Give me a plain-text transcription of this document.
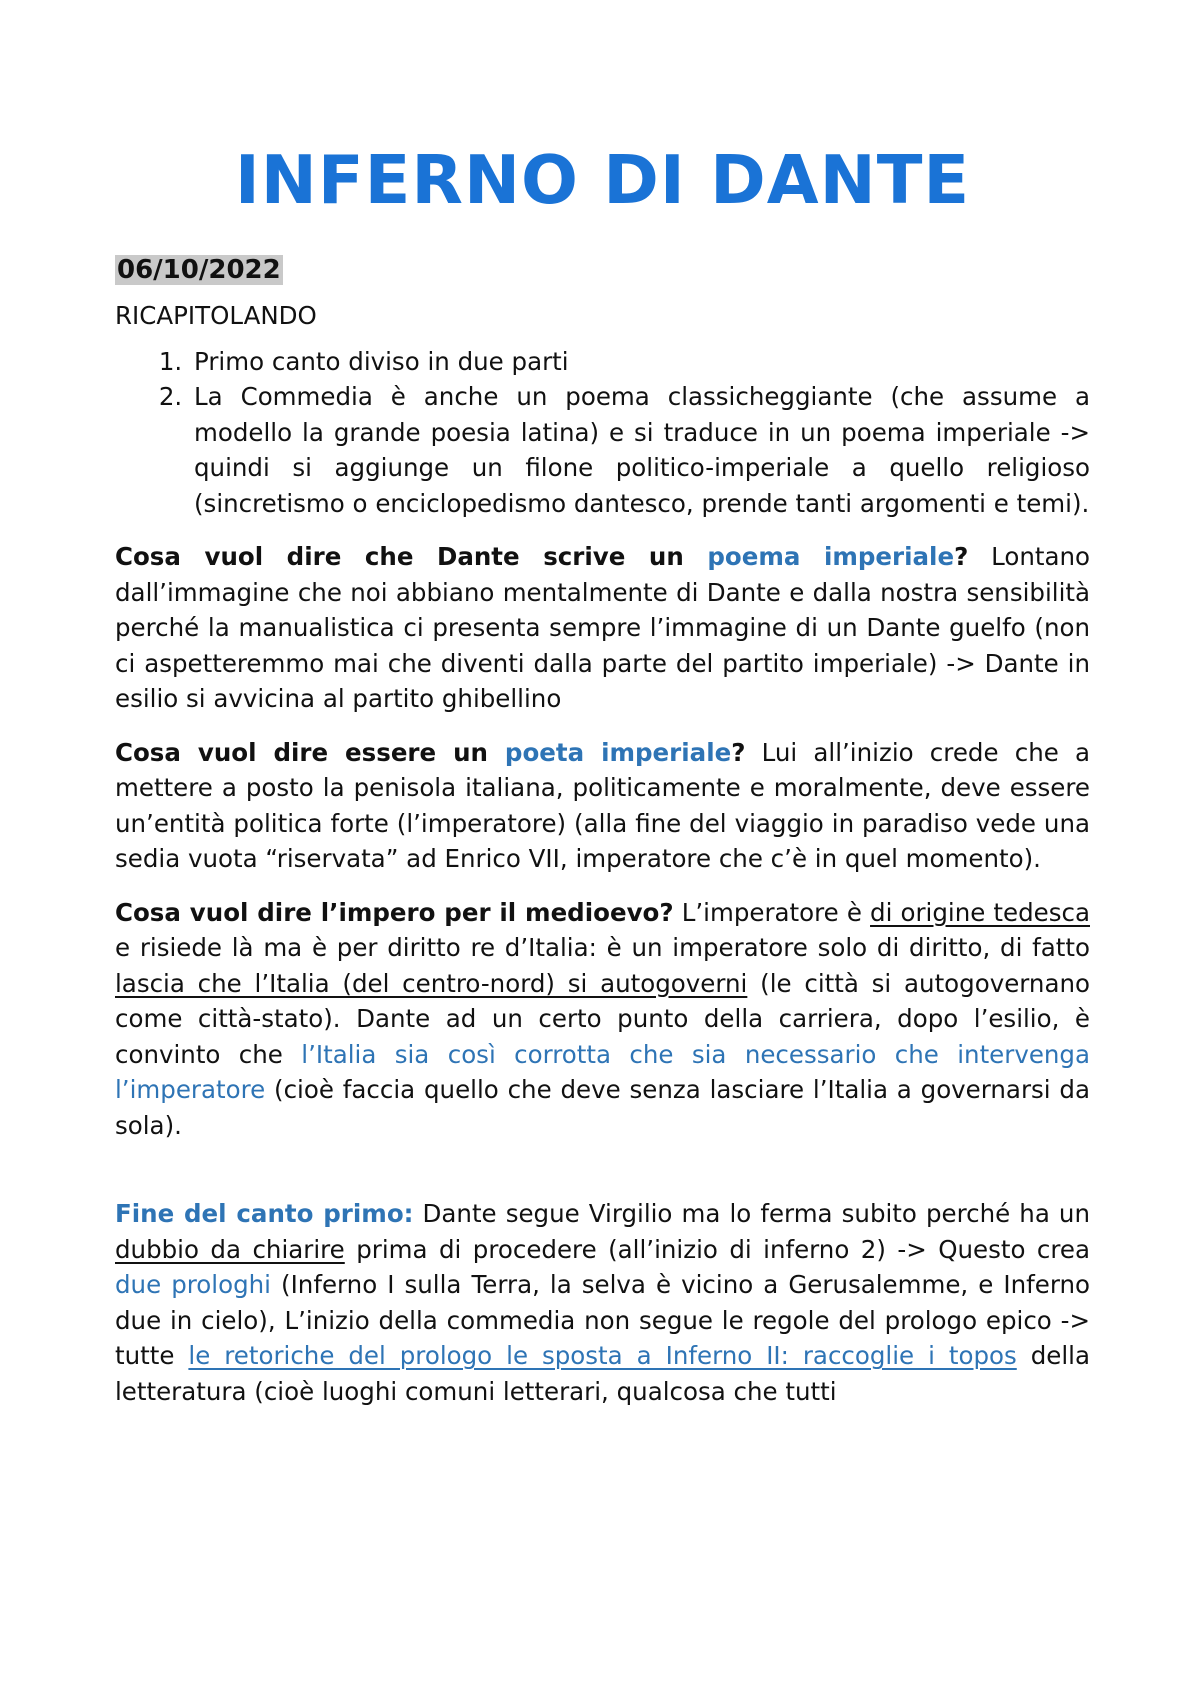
INFERNO DI DANTE
06/10/2022

RICAPITOLANDO

1. Primo canto diviso in due parti
2. La Commedia è anche un poema classicheggiante (che assume a modello la grande poesia latina) e si traduce in un poema imperiale -> quindi si aggiunge un filone politico-imperiale a quello religioso (sincretismo o enciclopedismo dantesco, prende tanti argomenti e temi).

Cosa vuol dire che Dante scrive un poema imperiale? Lontano dall’immagine che noi abbiano mentalmente di Dante e dalla nostra sensibilità perché la manualistica ci presenta sempre l’immagine di un Dante guelfo (non ci aspetteremmo mai che diventi dalla parte del partito imperiale) -> Dante in esilio si avvicina al partito ghibellino

Cosa vuol dire essere un poeta imperiale? Lui all’inizio crede che a mettere a posto la penisola italiana, politicamente e moralmente, deve essere un’entità politica forte (l’imperatore) (alla fine del viaggio in paradiso vede una sedia vuota “riservata” ad Enrico VII, imperatore che c’è in quel momento).

Cosa vuol dire l’impero per il medioevo? L’imperatore è di origine tedesca e risiede là ma è per diritto re d’Italia: è un imperatore solo di diritto, di fatto lascia che l’Italia (del centro-nord) si autogoverni (le città si autogovernano come città-stato). Dante ad un certo punto della carriera, dopo l’esilio, è convinto che l’Italia sia così corrotta che sia necessario che intervenga l’imperatore (cioè faccia quello che deve senza lasciare l’Italia a governarsi da sola).

Fine del canto primo: Dante segue Virgilio ma lo ferma subito perché ha un dubbio da chiarire prima di procedere (all’inizio di inferno 2) -> Questo crea due prologhi (Inferno I sulla Terra, la selva è vicino a Gerusalemme, e Inferno due in cielo), L’inizio della commedia non segue le regole del prologo epico -> tutte le retoriche del prologo le sposta a Inferno II: raccoglie i topos della letteratura (cioè luoghi comuni letterari, qualcosa che tutti
